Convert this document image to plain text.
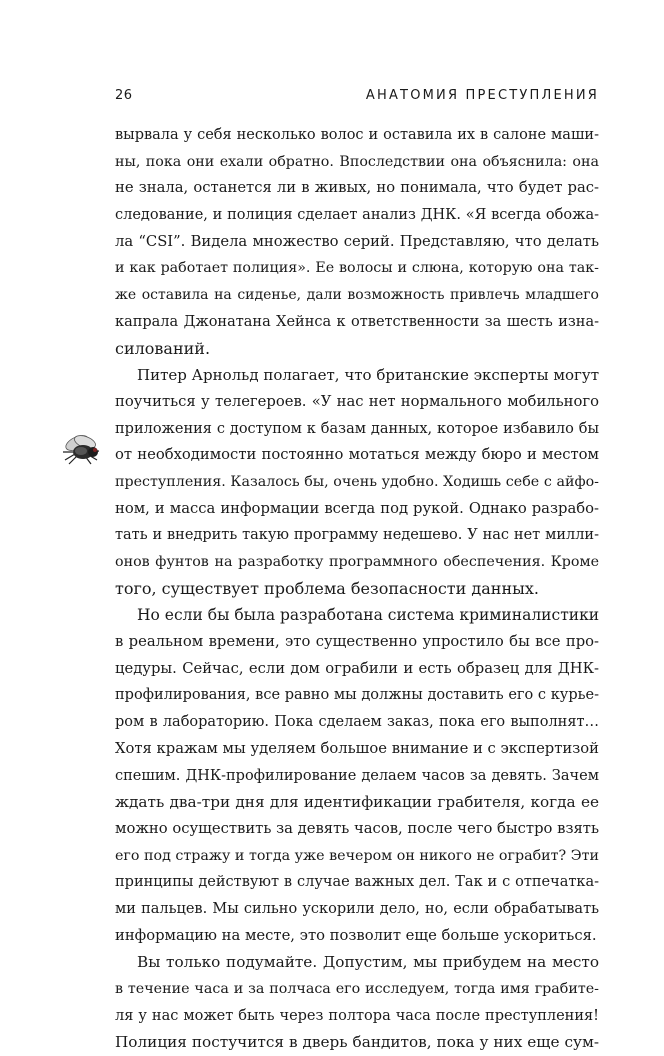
26	АНАТОМИЯ ПРЕСТУПЛЕНИЯ
вырвала у себя несколько волос и оставила их в салоне маши-
ны, пока они ехали обратно. Впоследствии она объяснила: она
не знала, останется ли в живых, но понимала, что будет рас-
следование, и полиция сделает анализ ДНК. «Я всегда обожа-
ла “CSI”. Видела множество серий. Представляю, что делать
и как работает полиция». Ее волосы и слюна, которую она так-
же оставила на сиденье, дали возможность привлечь младшего
капрала Джонатана Хейнса к ответственности за шесть изна-
силований.
Питер Арнольд полагает, что британские эксперты могут
поучиться у телегероев. «У нас нет нормального мобильного
приложения с доступом к базам данных, которое избавило бы
от необходимости постоянно мотаться между бюро и местом
преступления. Казалось бы, очень удобно. Ходишь себе с айфо-
ном, и масса информации всегда под рукой. Однако разрабо-
тать и внедрить такую программу недешево. У нас нет милли-
онов фунтов на разработку программного обеспечения. Кроме
того, существует проблема безопасности данных.
Но если бы была разработана система криминалистики
в реальном времени, это существенно упростило бы все про-
цедуры. Сейчас, если дом ограбили и есть образец для ДНК-
профилирования, все равно мы должны доставить его с курье-
ром в лабораторию. Пока сделаем заказ, пока его выполнят…
Хотя кражам мы уделяем большое внимание и с экспертизой
спешим. ДНК-профилирование делаем часов за девять. Зачем
ждать два-три дня для идентификации грабителя, когда ее
можно осуществить за девять часов, после чего быстро взять
его под стражу и тогда уже вечером он никого не ограбит? Эти
принципы действуют в случае важных дел. Так и с отпечатка-
ми пальцев. Мы сильно ускорили дело, но, если обрабатывать
информацию на месте, это позволит еще больше ускориться.
Вы только подумайте. Допустим, мы прибудем на место
в течение часа и за полчаса его исследуем, тогда имя грабите-
ля у нас может быть через полтора часа после преступления!
Полиция постучится в дверь бандитов, пока у них еще сум-
